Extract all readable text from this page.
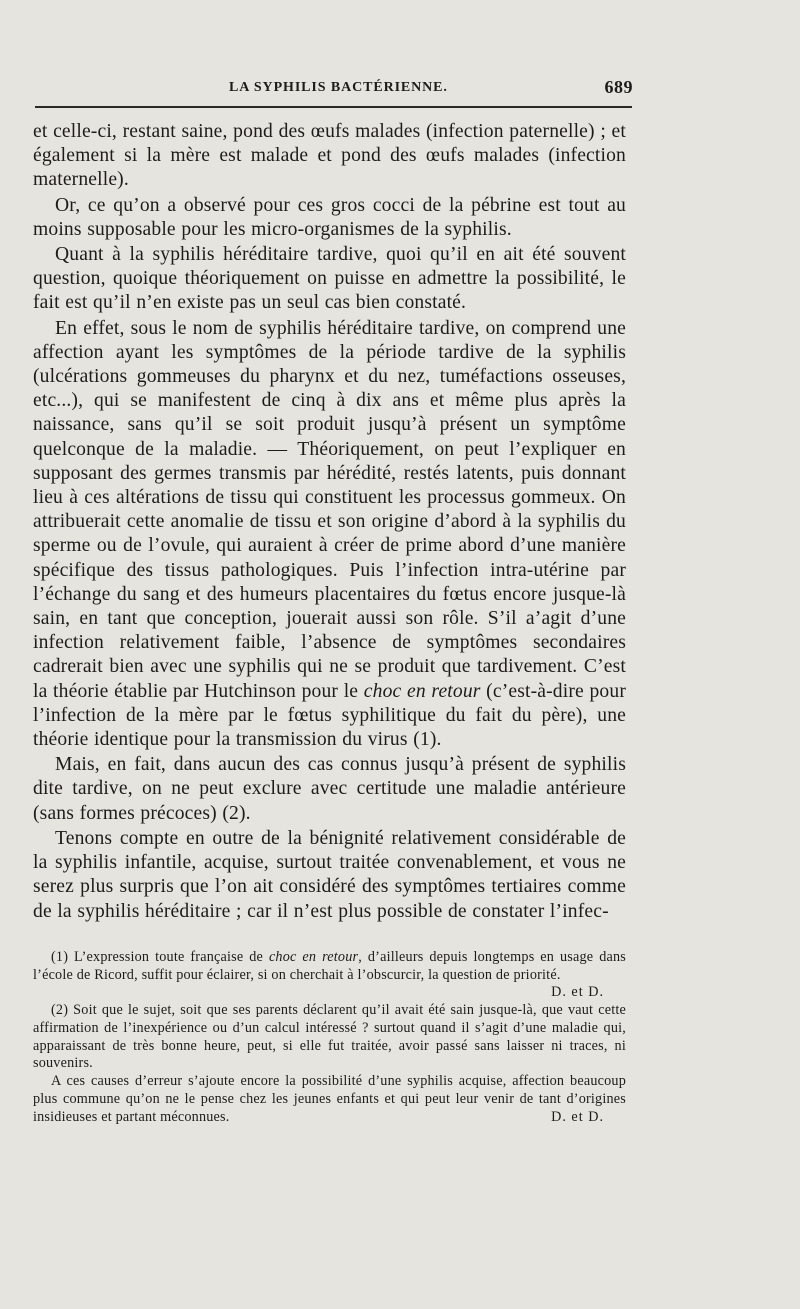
LA SYPHILIS BACTÉRIENNE.	689

et celle-ci, restant saine, pond des œufs malades (infection paternelle) ; et également si la mère est malade et pond des œufs malades (infection maternelle).

Or, ce qu’on a observé pour ces gros cocci de la pébrine est tout au moins supposable pour les micro-organismes de la syphilis.

Quant à la syphilis héréditaire tardive, quoi qu’il en ait été souvent question, quoique théoriquement on puisse en admettre la possibilité, le fait est qu’il n’en existe pas un seul cas bien constaté.

En effet, sous le nom de syphilis héréditaire tardive, on comprend une affection ayant les symptômes de la période tardive de la syphilis (ulcérations gommeuses du pharynx et du nez, tuméfactions osseuses, etc...), qui se manifestent de cinq à dix ans et même plus après la naissance, sans qu’il se soit produit jusqu’à présent un symptôme quelconque de la maladie. — Théoriquement, on peut l’expliquer en supposant des germes transmis par hérédité, restés latents, puis donnant lieu à ces altérations de tissu qui constituent les processus gommeux. On attribuerait cette anomalie de tissu et son origine d’abord à la syphilis du sperme ou de l’ovule, qui auraient à créer de prime abord d’une manière spécifique des tissus pathologiques. Puis l’infection intra-utérine par l’échange du sang et des humeurs placentaires du fœtus encore jusque-là sain, en tant que conception, jouerait aussi son rôle. S’il a’agit d’une infection relativement faible, l’absence de symptômes secondaires cadrerait bien avec une syphilis qui ne se produit que tardivement. C’est la théorie établie par Hutchinson pour le choc en retour (c’est-à-dire pour l’infection de la mère par le fœtus syphilitique du fait du père), une théorie identique pour la transmission du virus (1).

Mais, en fait, dans aucun des cas connus jusqu’à présent de syphilis dite tardive, on ne peut exclure avec certitude une maladie antérieure (sans formes précoces) (2).

Tenons compte en outre de la bénignité relativement considérable de la syphilis infantile, acquise, surtout traitée convenablement, et vous ne serez plus surpris que l’on ait considéré des symptômes tertiaires comme de la syphilis héréditaire ; car il n’est plus possible de constater l’infec-

(1) L’expression toute française de choc en retour, d’ailleurs depuis longtemps en usage dans l’école de Ricord, suffit pour éclairer, si on cherchait à l’obscurcir, la question de priorité.
D. et D.

(2) Soit que le sujet, soit que ses parents déclarent qu’il avait été sain jusque-là, que vaut cette affirmation de l’inexpérience ou d’un calcul intéressé ? surtout quand il s’agit d’une maladie qui, apparaissant de très bonne heure, peut, si elle fut traitée, avoir passé sans laisser ni traces, ni souvenirs.

A ces causes d’erreur s’ajoute encore la possibilité d’une syphilis acquise, affection beaucoup plus commune qu’on ne le pense chez les jeunes enfants et qui peut leur venir de tant d’origines insidieuses et partant méconnues.	D. et D.
